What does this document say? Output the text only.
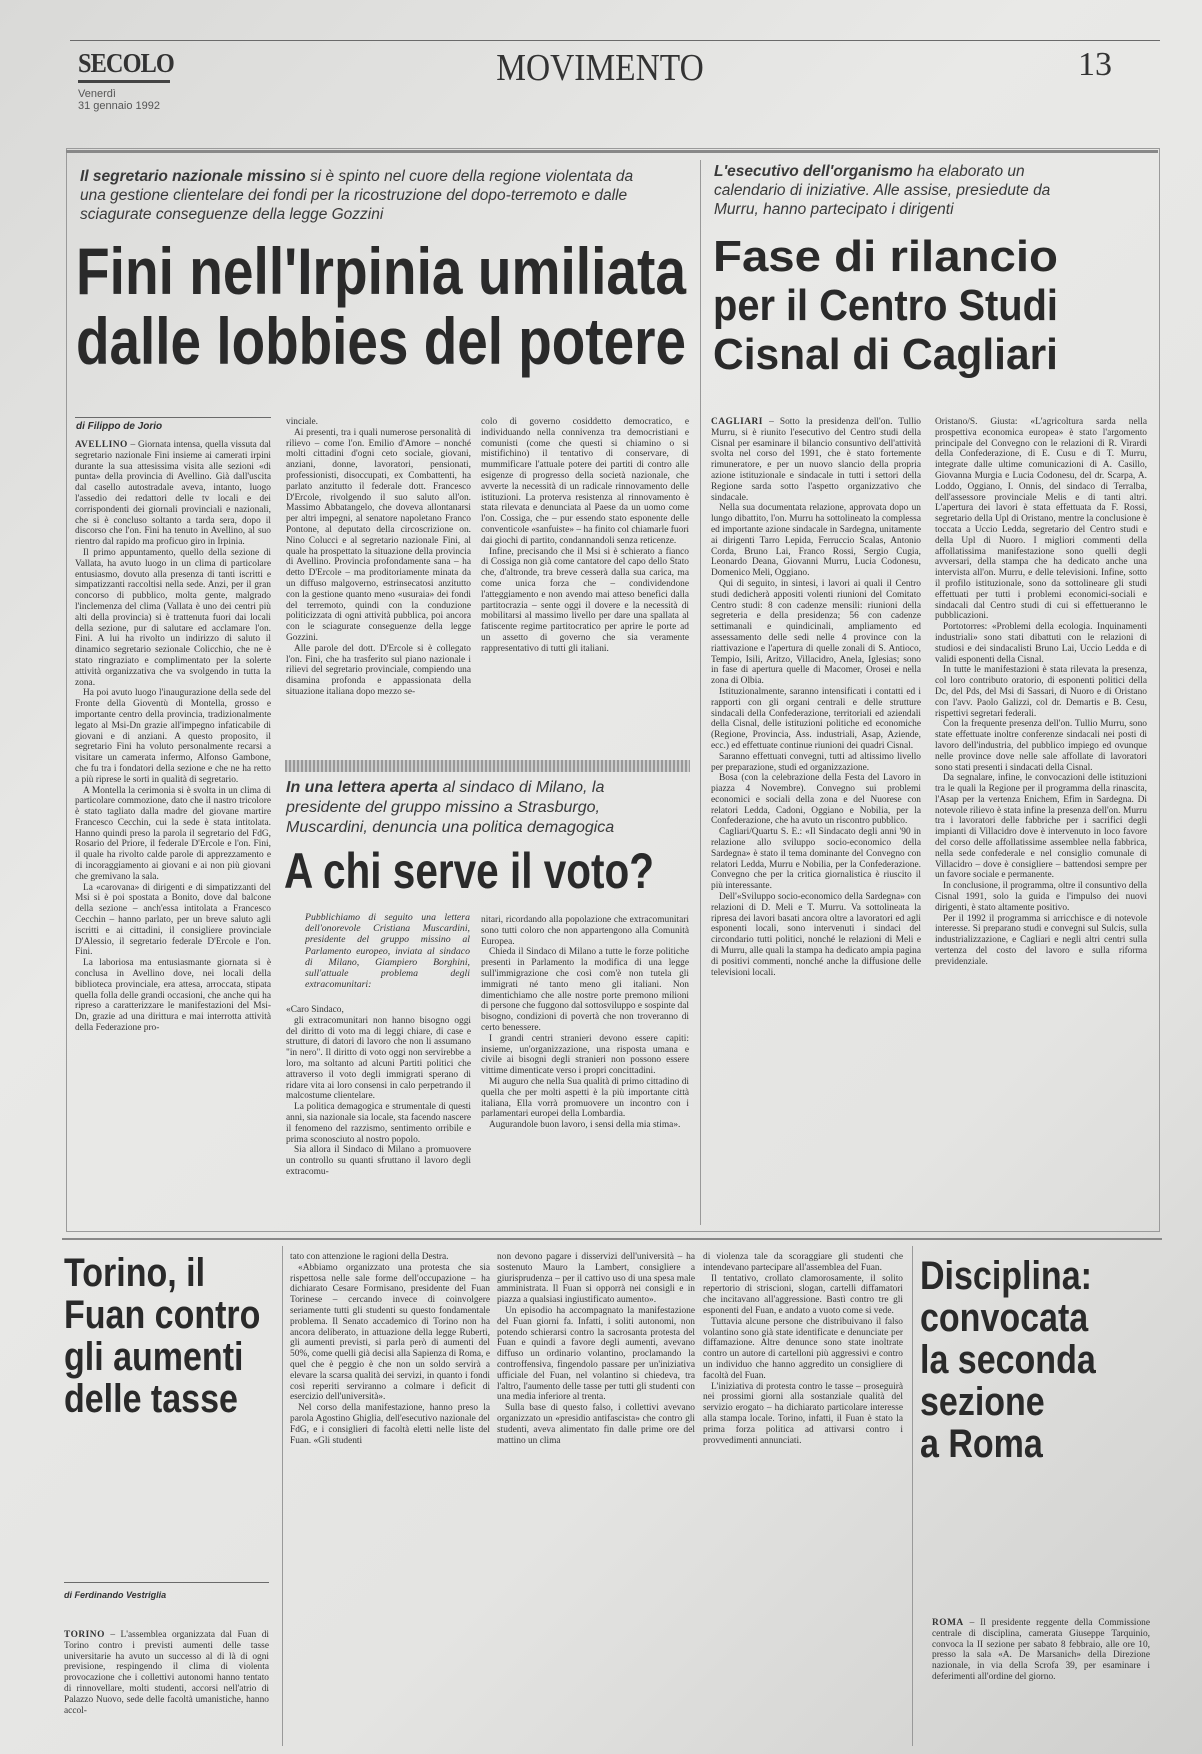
SECOLO
Venerdì
31 gennaio 1992
MOVIMENTO	13
Il segretario nazionale missino si è spinto nel cuore della regione violentata da una gestione clientelare dei fondi per la ricostruzione del dopo-terremoto e dalle sciagurate conseguenze della legge Gozzini
Fini nell'Irpinia umiliata
dalle lobbies del potere
di Filippo de Jorio

AVELLINO – Giornata intensa, quella vissuta dal segretario nazionale Fini insieme ai camerati irpini durante la sua attesissima visita alle sezioni «di punta» della provincia di Avellino. Già dall'uscita dal casello autostradale aveva, intanto, luogo l'assedio dei redattori delle tv locali e dei corrispondenti dei giornali provinciali e nazionali, che si è concluso soltanto a tarda sera, dopo il discorso che l'on. Fini ha tenuto in Avellino, al suo rientro dal rapido ma proficuo giro in Irpinia.

Il primo appuntamento, quello della sezione di Vallata, ha avuto luogo in un clima di particolare entusiasmo, dovuto alla presenza di tanti iscritti e simpatizzanti raccoltisi nella sede. Anzi, per il gran concorso di pubblico, molta gente, malgrado l'inclemenza del clima (Vallata è uno dei centri più alti della provincia) si è trattenuta fuori dai locali della sezione, pur di salutare ed acclamare l'on. Fini. A lui ha rivolto un indirizzo di saluto il dinamico segretario sezionale Colicchio, che ne è stato ringraziato e complimentato per la solerte attività organizzativa che va svolgendo in tutta la zona.

Ha poi avuto luogo l'inaugurazione della sede del Fronte della Gioventù di Montella, grosso e importante centro della provincia, tradizionalmente legato al Msi-Dn grazie all'impegno infaticabile di giovani e di anziani. A questo proposito, il segretario Fini ha voluto personalmente recarsi a visitare un camerata infermo, Alfonso Gambone, che fu tra i fondatori della sezione e che ne ha retto a più riprese le sorti in qualità di segretario.

A Montella la cerimonia si è svolta in un clima di particolare commozione, dato che il nastro tricolore è stato tagliato dalla madre del giovane martire Francesco Cecchin, cui la sede è stata intitolata. Hanno quindi preso la parola il segretario del FdG, Rosario del Priore, il federale D'Ercole e l'on. Fini, il quale ha rivolto calde parole di apprezzamento e di incoraggiamento ai giovani e ai non più giovani che gremivano la sala.

La «carovana» di dirigenti e di simpatizzanti del Msi si è poi spostata a Bonito, dove dal balcone della sezione – anch'essa intitolata a Francesco Cecchin – hanno parlato, per un breve saluto agli iscritti e ai cittadini, il consigliere provinciale D'Alessio, il segretario federale D'Ercole e l'on. Fini.

La laboriosa ma entusiasmante giornata si è conclusa in Avellino dove, nei locali della biblioteca provinciale, era attesa, arroccata, stipata quella folla delle grandi occasioni, che anche qui ha ripreso a caratterizzare le manifestazioni del Msi-Dn, grazie ad una dirittura e mai interrotta attività della Federazione pro-

vinciale.

Ai presenti, tra i quali numerose personalità di rilievo – come l'on. Emilio d'Amore – nonché molti cittadini d'ogni ceto sociale, giovani, anziani, donne, lavoratori, pensionati, professionisti, disoccupati, ex Combattenti, ha parlato anzitutto il federale dott. Francesco D'Ercole, rivolgendo il suo saluto all'on. Massimo Abbatangelo, che doveva allontanarsi per altri impegni, al senatore napoletano Franco Pontone, al deputato della circoscrizione on. Nino Colucci e al segretario nazionale Fini, al quale ha prospettato la situazione della provincia di Avellino. Provincia profondamente sana – ha detto D'Ercole – ma proditoriamente minata da un diffuso malgoverno, estrinsecatosi anzitutto con la gestione quanto meno «usuraia» dei fondi del terremoto, quindi con la conduzione politicizzata di ogni attività pubblica, poi ancora con le sciagurate conseguenze della legge Gozzini.

Alle parole del dott. D'Ercole si è collegato l'on. Fini, che ha trasferito sul piano nazionale i rilievi del segretario provinciale, compiendo una disamina profonda e appassionata della situazione italiana dopo mezzo se-

colo di governo cosiddetto democratico, e individuando nella connivenza tra democristiani e comunisti (come che questi si chiamino o si mistifichino) il tentativo di conservare, di mummificare l'attuale potere dei partiti di contro alle esigenze di progresso della società nazionale, che avverte la necessità di un radicale rinnovamento delle istituzioni. La proterva resistenza al rinnovamento è stata rilevata e denunciata al Paese da un uomo come l'on. Cossiga, che – pur essendo stato esponente delle conventicole «sanfuiste» – ha finito col chiamarle fuori dai giochi di partito, condannandoli senza reticenze.

Infine, precisando che il Msi si è schierato a fianco di Cossiga non già come cantatore del capo dello Stato che, d'altronde, tra breve cesserà dalla sua carica, ma come unica forza che – condividendone l'atteggiamento e non avendo mai atteso benefici dalla partitocrazia – sente oggi il dovere e la necessità di mobilitarsi al massimo livello per dare una spallata al fatiscente regime partitocratico per aprire le porte ad un assetto di governo che sia veramente rappresentativo di tutti gli italiani.

In una lettera aperta al sindaco di Milano, la presidente del gruppo missino a Strasburgo, Muscardini, denuncia una politica demagogica
A chi serve il voto?

Pubblichiamo di seguito una lettera dell'onorevole Cristiana Muscardini, presidente del gruppo missino al Parlamento europeo, inviata al sindaco di Milano, Giampiero Borghini, sull'attuale problema degli extracomunitari:

«Caro Sindaco,

gli extracomunitari non hanno bisogno oggi del diritto di voto ma di leggi chiare, di case e strutture, di datori di lavoro che non li assumano "in nero". Il diritto di voto oggi non servirebbe a loro, ma soltanto ad alcuni Partiti politici che attraverso il voto degli immigrati sperano di ridare vita ai loro consensi in calo perpetrando il malcostume clientelare.

La politica demagogica e strumentale di questi anni, sia nazionale sia locale, sta facendo nascere il fenomeno del razzismo, sentimento orribile e prima sconosciuto al nostro popolo.

Sia allora il Sindaco di Milano a promuovere un controllo su quanti sfruttano il lavoro degli extracomu-

nitari, ricordando alla popolazione che extracomunitari sono tutti coloro che non appartengono alla Comunità Europea.

Chieda il Sindaco di Milano a tutte le forze politiche presenti in Parlamento la modifica di una legge sull'immigrazione che così com'è non tutela gli immigrati né tanto meno gli italiani. Non dimentichiamo che alle nostre porte premono milioni di persone che fuggono dal sottosviluppo e sospinte dal bisogno, condizioni di povertà che non troveranno di certo benessere.

I grandi centri stranieri devono essere capiti: insieme, un'organizzazione, una risposta umana e civile ai bisogni degli stranieri non possono essere vittime dimenticate verso i propri concittadini.

Mi auguro che nella Sua qualità di primo cittadino di quella che per molti aspetti è la più importante città italiana, Ella vorrà promuovere un incontro con i parlamentari europei della Lombardia.

Augurandole buon lavoro, i sensi della mia stima».

L'esecutivo dell'organismo ha elaborato un calendario di iniziative. Alle assise, presiedute da Murru, hanno partecipato i dirigenti
Fase di rilancio
per il Centro Studi
Cisnal di Cagliari

CAGLIARI – Sotto la presidenza dell'on. Tullio Murru, si è riunito l'esecutivo del Centro studi della Cisnal per esaminare il bilancio consuntivo dell'attività svolta nel corso del 1991, che è stato fortemente rimuneratore, e per un nuovo slancio della propria azione istituzionale e sindacale in tutti i settori della Regione sarda sotto l'aspetto organizzativo che sindacale.

Nella sua documentata relazione, approvata dopo un lungo dibattito, l'on. Murru ha sottolineato la complessa ed importante azione sindacale in Sardegna, unitamente ai dirigenti Tarro Lepida, Ferruccio Scalas, Antonio Corda, Bruno Lai, Franco Rossi, Sergio Cugia, Leonardo Deana, Giovanni Murru, Lucia Codonesu, Domenico Meli, Oggiano.

Qui di seguito, in sintesi, i lavori ai quali il Centro studi dedicherà appositi volenti riunioni del Comitato Centro studi: 8 con cadenze mensili: riunioni della segreteria e della presidenza; 56 con cadenze settimanali e quindicinali, ampliamento ed assessamento delle sedi nelle 4 province con la riattivazione e l'apertura di quelle zonali di S. Antioco, Tempio, Isili, Aritzo, Villacidro, Anela, Iglesias; sono in fase di apertura quelle di Macomer, Orosei e nella zona di Olbia.

Istituzionalmente, saranno intensificati i contatti ed i rapporti con gli organi centrali e delle strutture sindacali della Confederazione, territoriali ed aziendali della Cisnal, delle istituzioni politiche ed economiche (Regione, Provincia, Ass. industriali, Asap, Aziende, ecc.) ed effettuate continue riunioni dei quadri Cisnal.

Saranno effettuati convegni, tutti ad altissimo livello per preparazione, studi ed organizzazione.

Bosa (con la celebrazione della Festa del Lavoro in piazza 4 Novembre). Convegno sui problemi economici e sociali della zona e del Nuorese con relatori Ledda, Cadoni, Oggiano e Nobilia, per la Confederazione, che ha avuto un riscontro pubblico.

Cagliari/Quartu S. E.: «Il Sindacato degli anni '90 in relazione allo sviluppo socio-economico della Sardegna» è stato il tema dominante del Convegno con relatori Ledda, Murru e Nobilia, per la Confederazione. Convegno che per la critica giornalistica è riuscito il più interessante.

Dell'«Sviluppo socio-economico della Sardegna» con relazioni di D. Meli e T. Murru. Va sottolineata la ripresa dei lavori basati ancora oltre a lavoratori ed agli esponenti locali, sono intervenuti i sindaci del circondario tutti politici, nonché le relazioni di Meli e di Murru, alle quali la stampa ha dedicato ampia pagina di positivi commenti, nonché anche la diffusione delle televisioni locali.

Oristano/S. Giusta: «L'agricoltura sarda nella prospettiva economica europea» è stato l'argomento principale del Convegno con le relazioni di R. Virardi della Confederazione, di E. Cusu e di T. Murru, integrate dalle ultime comunicazioni di A. Casillo, Giovanna Murgia e Lucia Codonesu, del dr. Scarpa, A. Loddo, Oggiano, I. Onnis, del sindaco di Terralba, dell'assessore provinciale Melis e di tanti altri. L'apertura dei lavori è stata effettuata da F. Rossi, segretario della Upl di Oristano, mentre la conclusione è toccata a Uccio Ledda, segretario del Centro studi e della Upl di Nuoro. I migliori commenti della affollatissima manifestazione sono quelli degli avversari, della stampa che ha dedicato anche una intervista all'on. Murru, e delle televisioni. Infine, sotto il profilo istituzionale, sono da sottolineare gli studi effettuati per tutti i problemi economici-sociali e sindacali dal Centro studi di cui si effettueranno le pubblicazioni.

Portotorres: «Problemi della ecologia. Inquinamenti industriali» sono stati dibattuti con le relazioni di studiosi e dei sindacalisti Bruno Lai, Uccio Ledda e di validi esponenti della Cisnal.

In tutte le manifestazioni è stata rilevata la presenza, col loro contributo oratorio, di esponenti politici della Dc, del Pds, del Msi di Sassari, di Nuoro e di Oristano con l'avv. Paolo Galizzi, col dr. Demartis e B. Cesu, rispettivi segretari federali.

Con la frequente presenza dell'on. Tullio Murru, sono state effettuate inoltre conferenze sindacali nei posti di lavoro dell'industria, del pubblico impiego ed ovunque nelle province dove nelle sale affollate di lavoratori sono stati presenti i sindacati della Cisnal.

Da segnalare, infine, le convocazioni delle istituzioni tra le quali la Regione per il programma della rinascita, l'Asap per la vertenza Enichem, Efim in Sardegna. Di notevole rilievo è stata infine la presenza dell'on. Murru tra i lavoratori delle fabbriche per i sacrifici degli impianti di Villacidro dove è intervenuto in loco favore del corso delle affollatissime assemblee nella fabbrica, nella sede confederale e nel consiglio comunale di Villacidro – dove è consigliere – battendosi sempre per un favore sociale e permanente.

In conclusione, il programma, oltre il consuntivo della Cisnal 1991, solo la guida e l'impulso dei nuovi dirigenti, è stato altamente positivo.

Per il 1992 il programma si arricchisce e di notevole interesse. Si preparano studi e convegni sul Sulcis, sulla industrializzazione, e Cagliari e negli altri centri sulla vertenza del costo del lavoro e sulla riforma previdenziale.

Torino, il
Fuan contro
gli aumenti
delle tasse
di Ferdinando Vestriglia

TORINO – L'assemblea organizzata dal Fuan di Torino contro i previsti aumenti delle tasse universitarie ha avuto un successo al di là di ogni previsione, respingendo il clima di violenta provocazione che i collettivi autonomi hanno tentato di rinnovellare, molti studenti, accorsi nell'atrio di Palazzo Nuovo, sede delle facoltà umanistiche, hanno accol-

tato con attenzione le ragioni della Destra.

«Abbiamo organizzato una protesta che sia rispettosa nelle sale forme dell'occupazione – ha dichiarato Cesare Formisano, presidente del Fuan Torinese – cercando invece di coinvolgere seriamente tutti gli studenti su questo fondamentale problema. Il Senato accademico di Torino non ha ancora deliberato, in attuazione della legge Ruberti, gli aumenti previsti, si parla però di aumenti del 50%, come quelli già decisi alla Sapienza di Roma, e quel che è peggio è che non un soldo servirà a elevare la scarsa qualità dei servizi, in quanto i fondi così reperiti serviranno a colmare i deficit di esercizio dell'università».

Nel corso della manifestazione, hanno preso la parola Agostino Ghiglia, dell'esecutivo nazionale del FdG, e i consiglieri di facoltà eletti nelle liste del Fuan. «Gli studenti

non devono pagare i disservizi dell'università – ha sostenuto Mauro la Lambert, consigliere a giurisprudenza – per il cattivo uso di una spesa male amministrata. Il Fuan si opporrà nei consigli e in piazza a qualsiasi ingiustificato aumento».

Un episodio ha accompagnato la manifestazione del Fuan giorni fa. Infatti, i soliti autonomi, non potendo schierarsi contro la sacrosanta protesta del Fuan e quindi a favore degli aumenti, avevano diffuso un ordinario volantino, proclamando la controffensiva, fingendolo passare per un'iniziativa ufficiale del Fuan, nel volantino si chiedeva, tra l'altro, l'aumento delle tasse per tutti gli studenti con una media inferiore al trenta.

Sulla base di questo falso, i collettivi avevano organizzato un «presidio antifascista» che contro gli studenti, aveva alimentato fin dalle prime ore del mattino un clima

di violenza tale da scoraggiare gli studenti che intendevano partecipare all'assemblea del Fuan.

Il tentativo, crollato clamorosamente, il solito repertorio di striscioni, slogan, cartelli diffamatori che incitavano all'aggressione. Bastì contro tre gli esponenti del Fuan, e andato a vuoto come si vede.

Tuttavia alcune persone che distribuivano il falso volantino sono già state identificate e denunciate per diffamazione. Altre denunce sono state inoltrate contro un autore di cartelloni più aggressivi e contro un individuo che hanno aggredito un consigliere di facoltà del Fuan.

L'iniziativa di protesta contro le tasse – proseguirà nei prossimi giorni alla sostanziale qualità del servizio erogato – ha dichiarato particolare interesse alla stampa locale. Torino, infatti, il Fuan è stato la prima forza politica ad attivarsi contro i provvedimenti annunciati.

Disciplina:
convocata
la seconda
sezione
a Roma

ROMA – Il presidente reggente della Commissione centrale di disciplina, camerata Giuseppe Tarquinio, convoca la II sezione per sabato 8 febbraio, alle ore 10, presso la sala «A. De Marsanich» della Direzione nazionale, in via della Scrofa 39, per esaminare i deferimenti all'ordine del giorno.
